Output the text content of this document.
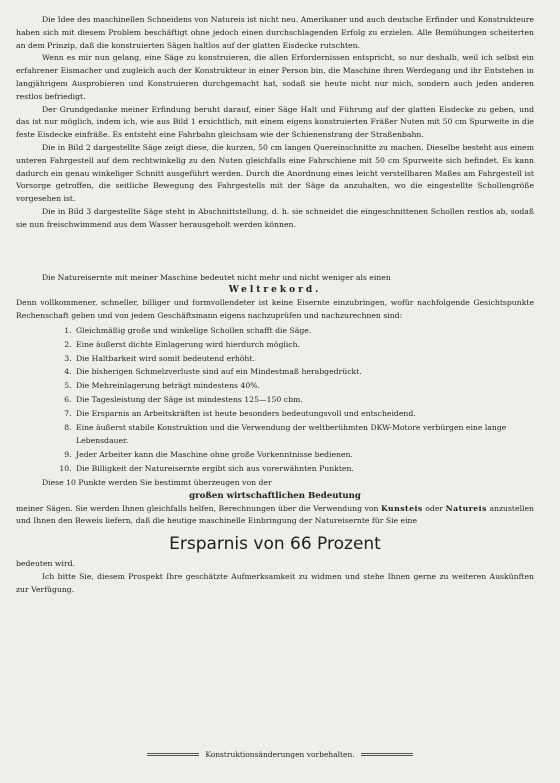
Die Idee des maschinellen Schneidens von Natureis ist nicht neu. Amerikaner und auch deutsche Erfinder und Konstrukteure haben sich mit diesem Problem beschäftigt ohne jedoch einen durchschlagenden Erfolg zu erzielen. Alle Bemühungen scheiterten an dem Prinzip, daß die konstruierten Sägen haltlos auf der glatten Eisdecke rutschten.

Wenn es mir nun gelang, eine Säge zu konstruieren, die allen Erfordernissen entspricht, so nur deshalb, weil ich selbst ein erfahrener Eismacher und zugleich auch der Konstrukteur in einer Person bin, die Maschine ihren Werdegang und ihr Entstehen in langjährigem Ausprobieren und Konstruieren durchgemacht hat, sodaß sie heute nicht nur mich, sondern auch jeden anderen restlos befriedigt.

Der Grundgedanke meiner Erfindung beruht darauf, einer Säge Halt und Führung auf der glatten Eisdecke zu geben, und das ist nur möglich, indem ich, wie aus Bild 1 ersichtlich, mit einem eigens konstruierten Fräßer Nuten mit 50 cm Spurweite in die feste Eisdecke einfräße. Es entsteht eine Fahrbahn gleichsam wie der Schienenstrang der Straßenbahn.

Die in Bild 2 dargestellte Säge zeigt diese, die kurzen, 50 cm langen Quereinschnitte zu machen. Dieselbe besteht aus einem unteren Fahrgestell auf dem rechtwinkelig zu den Nuten gleichfalls eine Fahrschiene mit 50 cm Spurweite sich befindet. Es kann dadurch ein genau winkeliger Schnitt ausgeführt werden. Durch die Anordnung eines leicht verstellbaren Maßes am Fahrgestell ist Vorsorge getroffen, die seitliche Bewegung des Fahrgestells mit der Säge da anzuhalten, wo die eingestellte Schollengröße vorgesehen ist.

Die in Bild 3 dargestellte Säge steht in Abschnittstellung, d. h. sie schneidet die eingeschnittenen Schollen restlos ab, sodaß sie nun freischwimmend aus dem Wasser herausgeholt werden können.

Die Natureisernte mit meiner Maschine bedeutet nicht mehr und nicht weniger als einen

Weltrekord.

Denn vollkommener, schneller, billiger und formvollendeter ist keine Eisernte einzubringen, wofür nachfolgende Gesichtspunkte Rechenschaft geben und von jedem Geschäftsmann eigens nachzuprüfen und nachzurechnen sind:

1. Gleichmäßig große und winkelige Schollen schafft die Säge.
2. Eine äußerst dichte Einlagerung wird hierdurch möglich.
3. Die Haltbarkeit wird somit bedeutend erhöht.
4. Die bisherigen Schmelzverluste sind auf ein Mindestmaß herabgedrückt.
5. Die Mehreinlagerung beträgt mindestens 40%.
6. Die Tagesleistung der Säge ist mindestens 125—150 cbm.
7. Die Ersparnis an Arbeitskräften ist heute besonders bedeutungsvoll und entscheidend.
8. Eine äußerst stabile Konstruktion und die Verwendung der weltberühmten DKW-Motore verbürgen eine lange Lebensdauer.
9. Jeder Arbeiter kann die Maschine ohne große Vorkenntnisse bedienen.
10. Die Billigkeit der Natureisernte ergibt sich aus vorerwähnten Punkten.

Diese 10 Punkte werden Sie bestimmt überzeugen von der

großen wirtschaftlichen Bedeutung

meiner Sägen. Sie werden Ihnen gleichfalls helfen, Berechnungen über die Verwendung von Kunsteis oder Natureis anzustellen und Ihnen den Beweis liefern, daß die heutige maschinelle Einbringung der Natureisernte für Sie eine

Ersparnis von 66 Prozent

bedeuten wird.

Ich bitte Sie, diesem Prospekt Ihre geschätzte Aufmerksamkeit zu widmen und stehe Ihnen gerne zu weiteren Auskünften zur Verfügung.

Konstruktionsänderungen vorbehalten.
